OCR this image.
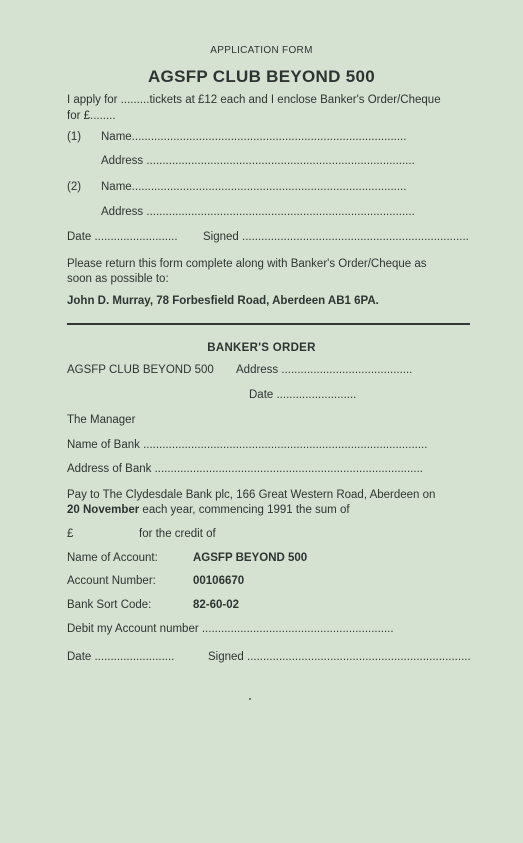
APPLICATION FORM
AGSFP CLUB BEYOND 500
I apply for .........tickets at £12 each and I enclose Banker's Order/Cheque
for £........
(1) Name......................................................................................
Address ....................................................................................
(2) Name......................................................................................
Address ....................................................................................
Date .......................... Signed .......................................................................
Please return this form complete along with Banker's Order/Cheque as
soon as possible to:
John D. Murray, 78 Forbesfield Road, Aberdeen AB1 6PA.
BANKER'S ORDER
AGSFP CLUB BEYOND 500 Address .........................................
Date .........................
The Manager
Name of Bank .........................................................................................
Address of Bank ....................................................................................
Pay to The Clydesdale Bank plc, 166 Great Western Road, Aberdeen on
20 November each year, commencing 1991 the sum of
£	for the credit of
Name of Account:	AGSFP BEYOND 500
Account Number:	00106670
Bank Sort Code:	82-60-02
Debit my Account number ............................................................
Date .........................	Signed ......................................................................
